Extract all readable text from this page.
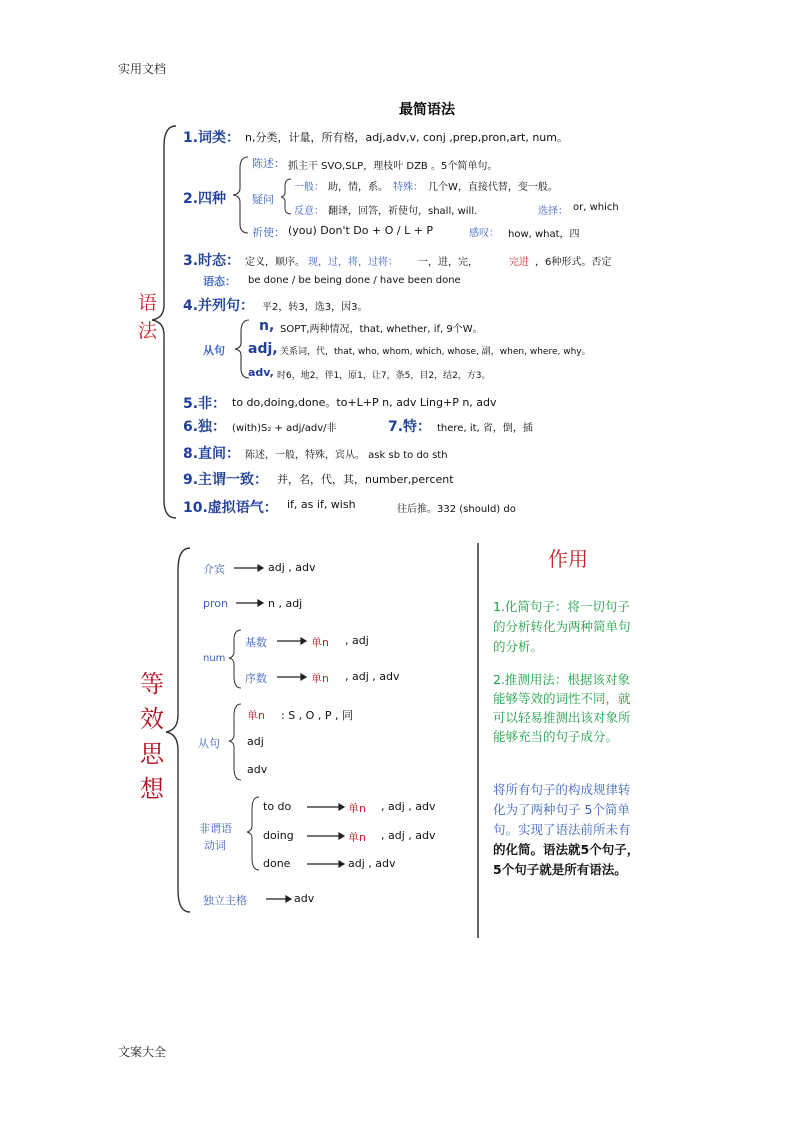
实用文档
文案大全
最简语法
语
法
1.词类： n,分类，计量，所有格，adj,adv,v, conj ,prep,pron,art, num。
2.四种
陈述： 抓主干 SVO,SLP，理枝叶 DZB 。5个简单句。
疑问
一般： 助，情，系。 特殊： 几个W，直接代替，变一般。
反意： 翻译，回答，祈使句，shall, will.	选择： or, which
祈使： (you) Don't Do + O / L + P	感叹： how, what，四
3.时态： 定义，顺序。 现，过，将，过将： 一，进，完，	完进 ，6种形式。否定
语态： be done / be being done / have been done
4.并列句： 平2，转3，选3，因3。
从句
n, SOPT,两种情况，that, whether, if, 9个W。
adj, 关系词，代，that, who, whom, which, whose, 副，when, where, why。
adv, 时6，地2，伴1，原1，让7，条5，目2，结2，方3。
5.非： to do,doing,done。to+L+P n, adv Ling+P n, adv
6.独： (with)S₂ + adj/adv/非	7.特： there, it, 省，倒，插
8.直间： 陈述，一般，特殊，宾从。 ask sb to do sth
9.主谓一致： 并，名，代，其，number,percent
10.虚拟语气： if, as if, wish	往后推。332 (should) do
等
效
思
想
介宾	adj , adv
pron	n , adj
num
基数	单n , adj
序数	单n , adj , adv
从句
单n : S , O , P , 同
adj
adv
非谓语
动词
to do	单n , adj , adv
doing	单n , adj , adv
done	adj , adv
独立主格	adv
作用
1.化简句子：将一切句子
的分析转化为两种简单句
的分析。
2.推测用法：根据该对象
能够等效的词性不同，就
可以轻易推测出该对象所
能够充当的句子成分。
将所有句子的构成规律转
化为了两种句子 5个简单
句。实现了语法前所未有
的化简。语法就5个句子，
5个句子就是所有语法。
